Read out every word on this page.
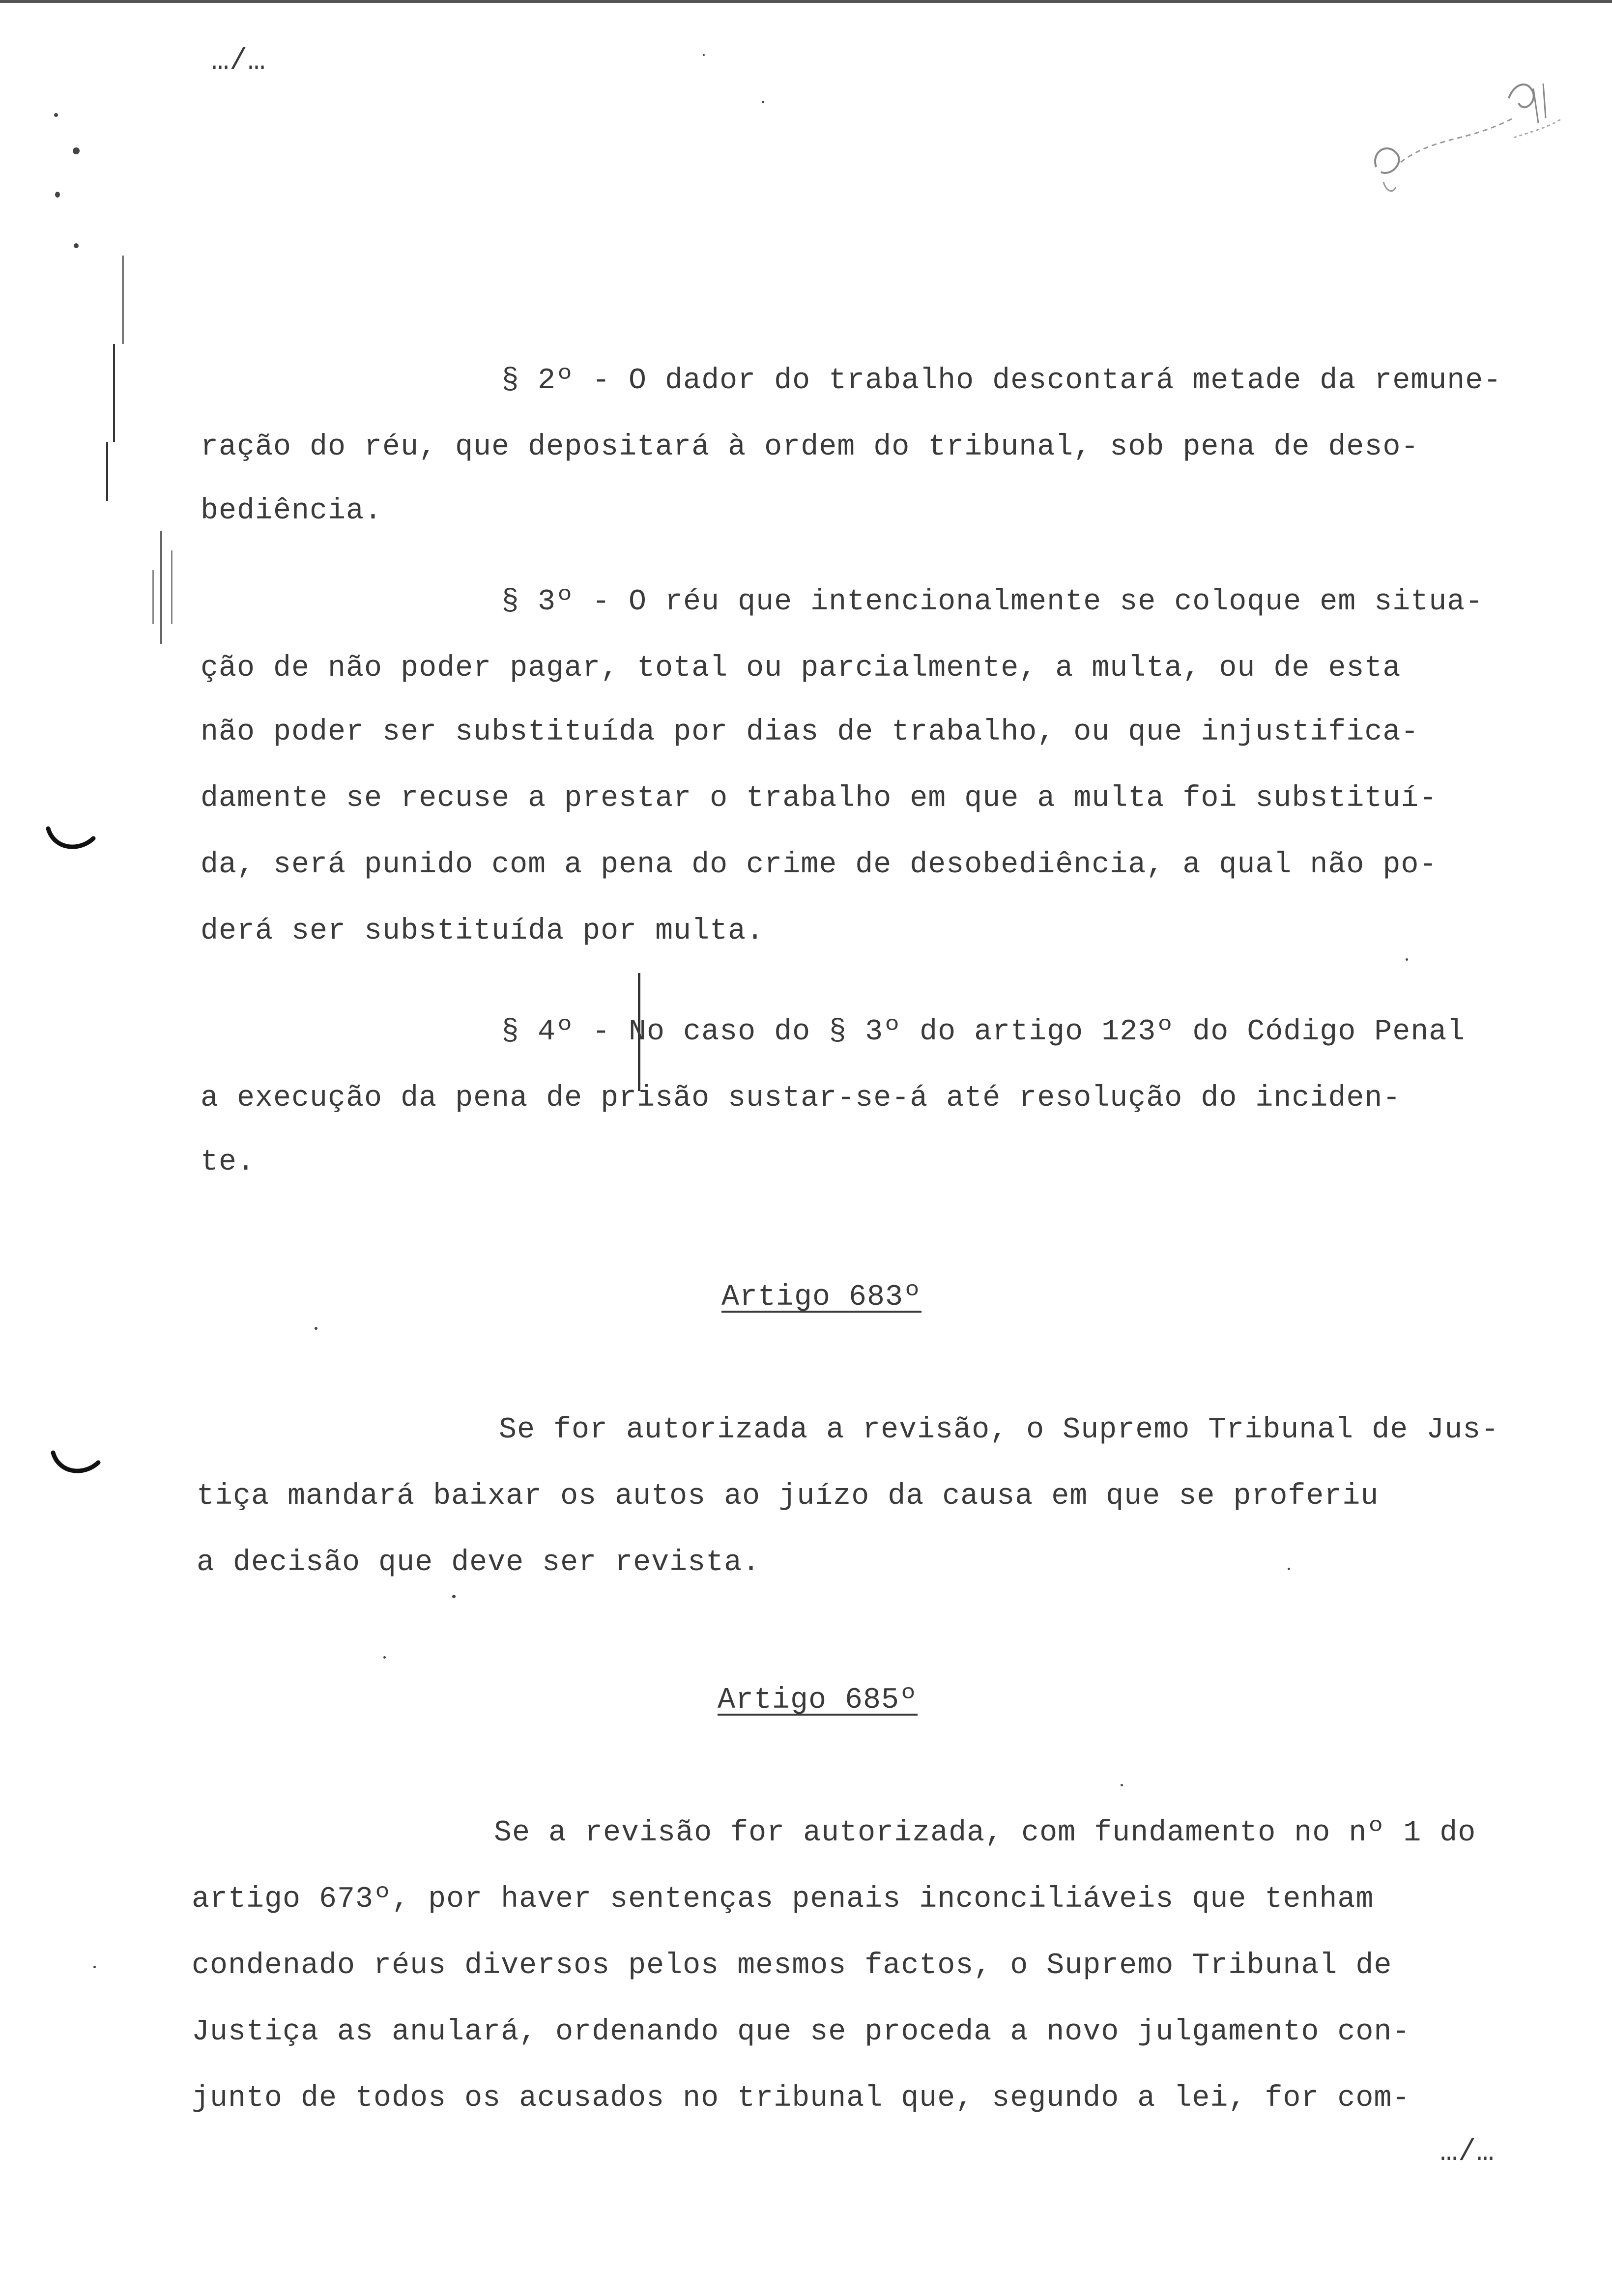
…/…
§ 2º - O dador do trabalho descontará metade da remune-
ração do réu, que depositará à ordem do tribunal, sob pena de deso-
bediência.
§ 3º - O réu que intencionalmente se coloque em situa-
ção de não poder pagar, total ou parcialmente, a multa, ou de esta
não poder ser substituída por dias de trabalho, ou que injustifica-
damente se recuse a prestar o trabalho em que a multa foi substituí-
da, será punido com a pena do crime de desobediência, a qual não po-
derá ser substituída por multa.
§ 4º - No caso do § 3º do artigo 123º do Código Penal
a execução da pena de prisão sustar-se-á até resolução do inciden-
te.
Artigo 683º
Se for autorizada a revisão, o Supremo Tribunal de Jus-
tiça mandará baixar os autos ao juízo da causa em que se proferiu
a decisão que deve ser revista.
Artigo 685º
Se a revisão for autorizada, com fundamento no nº 1 do
artigo 673º, por haver sentenças penais inconciliáveis que tenham
condenado réus diversos pelos mesmos factos, o Supremo Tribunal de
Justiça as anulará, ordenando que se proceda a novo julgamento con-
junto de todos os acusados no tribunal que, segundo a lei, for com-
…/…
